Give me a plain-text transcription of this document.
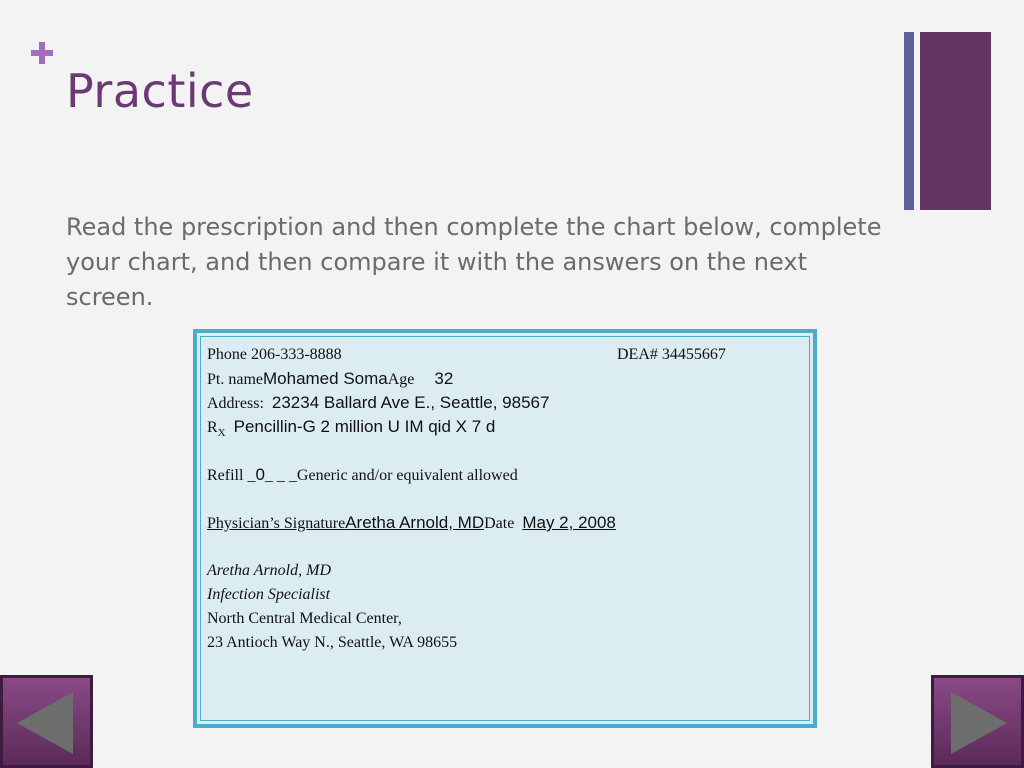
Practice
Read the prescription and then complete the chart below, complete your chart, and then compare it with the answers on the next screen.
Phone 206-333-8888	DEA# 34455667
Pt. nameMohamed SomaAge 32
Address: 23234 Ballard Ave E., Seattle, 98567
$R_X$ Pencillin-G 2 million U IM qid X 7 d
Refill _0_ _ _Generic and/or equivalent allowed
Physician’s SignatureAretha Arnold, MDDate May 2, 2008
Aretha Arnold, MD
Infection Specialist
North Central Medical Center,
23 Antioch Way N., Seattle, WA 98655
